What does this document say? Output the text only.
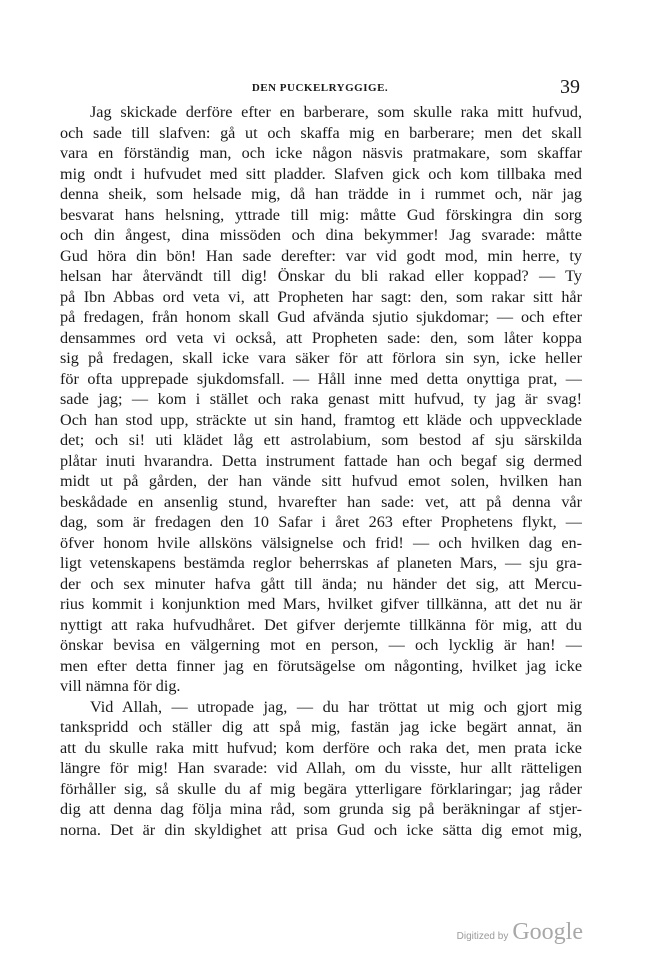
DEN PUCKELRYGGIGE.	39
Jag skickade derföre efter en barberare, som skulle raka mitt hufvud,
och sade till slafven: gå ut och skaffa mig en barberare; men det skall
vara en förständig man, och icke någon näsvis pratmakare, som skaffar
mig ondt i hufvudet med sitt pladder. Slafven gick och kom tillbaka med
denna sheik, som helsade mig, då han trädde in i rummet och, när jag
besvarat hans helsning, yttrade till mig: måtte Gud förskingra din sorg
och din ångest, dina missöden och dina bekymmer! Jag svarade: måtte
Gud höra din bön! Han sade derefter: var vid godt mod, min herre, ty
helsan har återvändt till dig! Önskar du bli rakad eller koppad? — Ty
på Ibn Abbas ord veta vi, att Propheten har sagt: den, som rakar sitt hår
på fredagen, från honom skall Gud afvända sjutio sjukdomar; — och efter
densammes ord veta vi också, att Propheten sade: den, som låter koppa
sig på fredagen, skall icke vara säker för att förlora sin syn, icke heller
för ofta upprepade sjukdomsfall. — Håll inne med detta onyttiga prat, —
sade jag; — kom i stället och raka genast mitt hufvud, ty jag är svag!
Och han stod upp, sträckte ut sin hand, framtog ett kläde och uppvecklade
det; och si! uti klädet låg ett astrolabium, som bestod af sju särskilda
plåtar inuti hvarandra. Detta instrument fattade han och begaf sig dermed
midt ut på gården, der han vände sitt hufvud emot solen, hvilken han
beskådade en ansenlig stund, hvarefter han sade: vet, att på denna vår
dag, som är fredagen den 10 Safar i året 263 efter Prophetens flykt, —
öfver honom hvile allsköns välsignelse och frid! — och hvilken dag en-
ligt vetenskapens bestämda reglor beherrskas af planeten Mars, — sju gra-
der och sex minuter hafva gått till ända; nu händer det sig, att Mercu-
rius kommit i konjunktion med Mars, hvilket gifver tillkänna, att det nu är
nyttigt att raka hufvudhåret. Det gifver derjemte tillkänna för mig, att du
önskar bevisa en välgerning mot en person, — och lycklig är han! —
men efter detta finner jag en förutsägelse om någonting, hvilket jag icke
vill nämna för dig.
Vid Allah, — utropade jag, — du har tröttat ut mig och gjort mig
tankspridd och ställer dig att spå mig, fastän jag icke begärt annat, än
att du skulle raka mitt hufvud; kom derföre och raka det, men prata icke
längre för mig! Han svarade: vid Allah, om du visste, hur allt rätteligen
förhåller sig, så skulle du af mig begära ytterligare förklaringar; jag råder
dig att denna dag följa mina råd, som grunda sig på beräkningar af stjer-
norna. Det är din skyldighet att prisa Gud och icke sätta dig emot mig,
Digitized by Google
